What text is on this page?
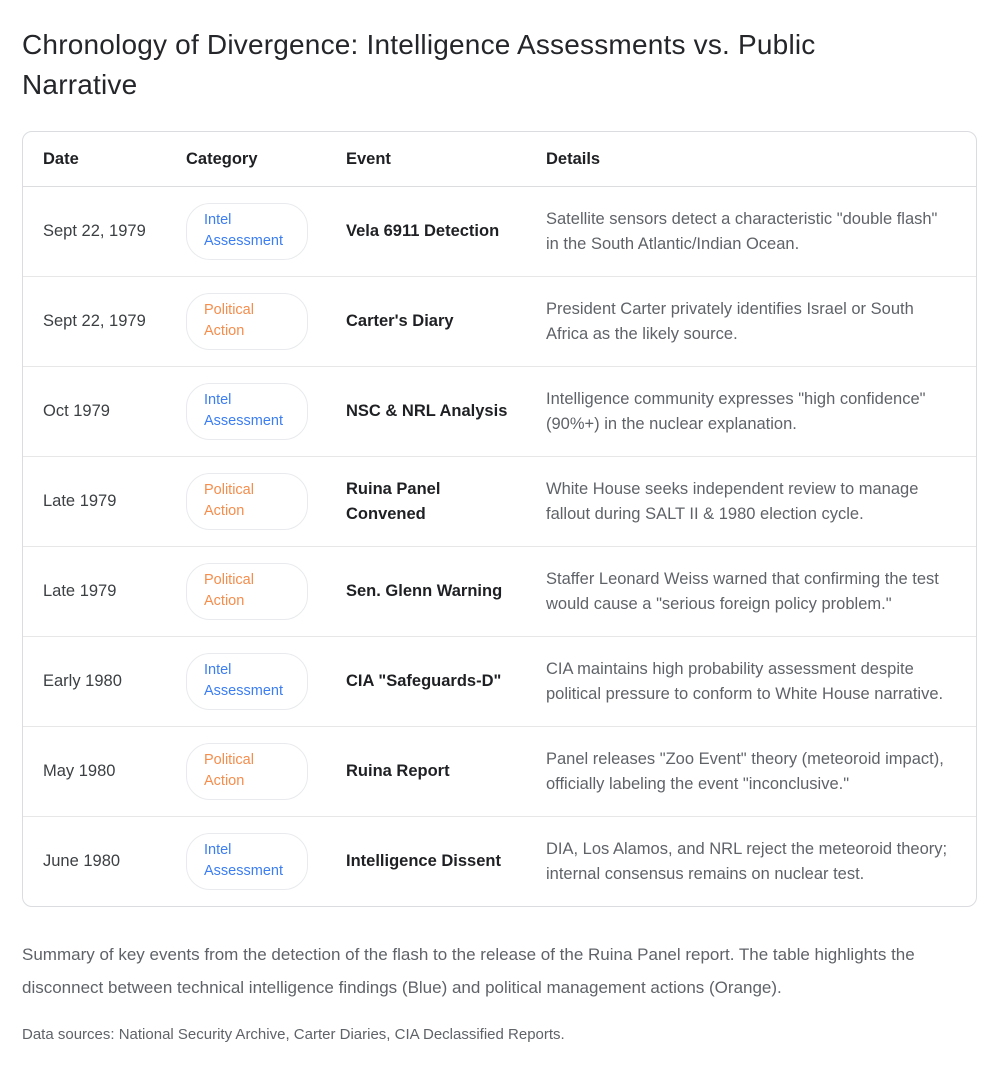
Chronology of Divergence: Intelligence Assessments vs. Public Narrative
Date	Category	Event	Details
Sept 22, 1979	Intel Assessment	Vela 6911 Detection	Satellite sensors detect a characteristic "double flash" in the South Atlantic/Indian Ocean.
Sept 22, 1979	Political Action	Carter's Diary	President Carter privately identifies Israel or South Africa as the likely source.
Oct 1979	Intel Assessment	NSC & NRL Analysis	Intelligence community expresses "high confidence" (90%+) in the nuclear explanation.
Late 1979	Political Action	Ruina Panel Convened	White House seeks independent review to manage fallout during SALT II & 1980 election cycle.
Late 1979	Political Action	Sen. Glenn Warning	Staffer Leonard Weiss warned that confirming the test would cause a "serious foreign policy problem."
Early 1980	Intel Assessment	CIA "Safeguards-D"	CIA maintains high probability assessment despite political pressure to conform to White House narrative.
May 1980	Political Action	Ruina Report	Panel releases "Zoo Event" theory (meteoroid impact), officially labeling the event "inconclusive."
June 1980	Intel Assessment	Intelligence Dissent	DIA, Los Alamos, and NRL reject the meteoroid theory; internal consensus remains on nuclear test.

Summary of key events from the detection of the flash to the release of the Ruina Panel report. The table highlights the disconnect between technical intelligence findings (Blue) and political management actions (Orange).

Data sources: National Security Archive, Carter Diaries, CIA Declassified Reports.
